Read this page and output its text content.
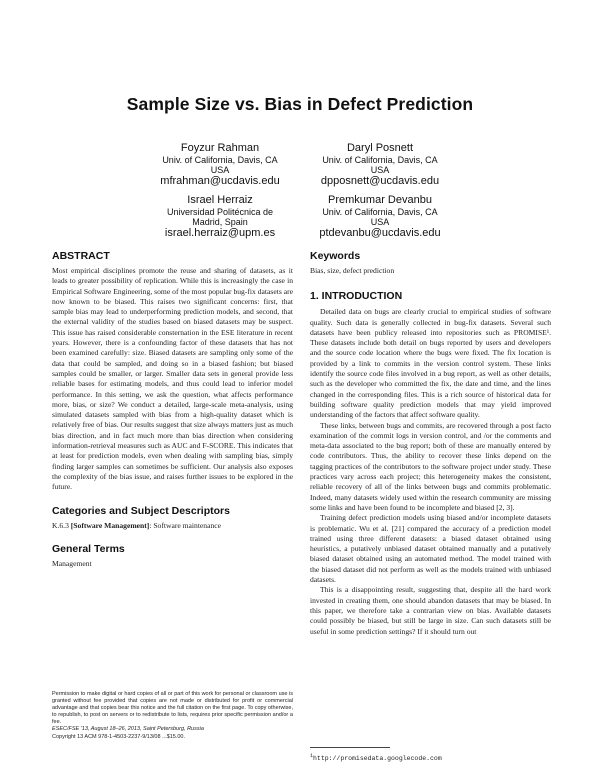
Sample Size vs. Bias in Defect Prediction
Foyzur Rahman
Univ. of California, Davis, CA
USA
mfrahman@ucdavis.edu
Daryl Posnett
Univ. of California, Davis, CA
USA
dpposnett@ucdavis.edu
Israel Herraiz
Universidad Politécnica de
Madrid, Spain
israel.herraiz@upm.es
Premkumar Devanbu
Univ. of California, Davis, CA
USA
ptdevanbu@ucdavis.edu
ABSTRACT

Most empirical disciplines promote the reuse and sharing of datasets, as it leads to greater possibility of replication. While this is increasingly the case in Empirical Software Engineering, some of the most popular bug-fix datasets are now known to be biased. This raises two significant concerns: first, that sample bias may lead to underperforming prediction models, and second, that the external validity of the studies based on biased datasets may be suspect. This issue has raised considerable consternation in the ESE literature in recent years. However, there is a confounding factor of these datasets that has not been examined carefully: size. Biased datasets are sampling only some of the data that could be sampled, and doing so in a biased fashion; but biased samples could be smaller, or larger. Smaller data sets in general provide less reliable bases for estimating models, and thus could lead to inferior model performance. In this setting, we ask the question, what affects performance more, bias, or size? We conduct a detailed, large-scale meta-analysis, using simulated datasets sampled with bias from a high-quality dataset which is relatively free of bias. Our results suggest that size always matters just as much bias direction, and in fact much more than bias direction when considering information-retrieval measures such as AUC and F-SCORE. This indicates that at least for prediction models, even when dealing with sampling bias, simply finding larger samples can sometimes be sufficient. Our analysis also exposes the complexity of the bias issue, and raises further issues to be explored in the future.

Categories and Subject Descriptors

K.6.3 [Software Management]: Software maintenance

General Terms

Management

Permission to make digital or hard copies of all or part of this work for personal or classroom use is granted without fee provided that copies are not made or distributed for profit or commercial advantage and that copies bear this notice and the full citation on the first page. To copy otherwise, to republish, to post on servers or to redistribute to lists, requires prior specific permission and/or a fee.
ESEC/FSE '13, August 18–26, 2013, Saint Petersburg, Russia
Copyright 13 ACM 978-1-4503-2237-9/13/08 ...$15.00.
Keywords

Bias, size, defect prediction

1. INTRODUCTION

Detailed data on bugs are clearly crucial to empirical studies of software quality. Such data is generally collected in bug-fix datasets. Several such datasets have been publicy released into repositories such as PROMISE¹. These datasets include both detail on bugs reported by users and developers and the source code location where the bugs were fixed. The fix location is provided by a link to commits in the version control system. These links identify the source code files involved in a bug report, as well as other details, such as the developer who committed the fix, the date and time, and the lines changed in the corresponding files. This is a rich source of historical data for building software quality prediction models that may yield improved understanding of the factors that affect software quality.

These links, between bugs and commits, are recovered through a post facto examination of the commit logs in version control, and /or the comments and meta-data associated to the bug report; both of these are manually entered by code contributors. Thus, the ability to recover these links depend on the tagging practices of the contributors to the software project under study. These practices vary across each project; this heterogeneity makes the consistent, reliable recovery of all of the links between bugs and commits problematic. Indeed, many datasets widely used within the research community are missing some links and have been found to be incomplete and biased [2, 3].

Training defect prediction models using biased and/or incomplete datasets is problematic. Wu et al. [21] compared the accuracy of a prediction model trained using three different datasets: a biased dataset obtained using heuristics, a putatively unbiased dataset obtained manually and a putatively biased dataset obtained using an automated method. The model trained with the biased dataset did not perform as well as the models trained with unbiased datasets.

This is a disappointing result, suggesting that, despite all the hard work invested in creating them, one should abandon datasets that may be biased. In this paper, we therefore take a contrarian view on bias. Available datasets could possibly be biased, but still be large in size. Can such datasets still be useful in some prediction settings? If it should turn out

$^1$http://promisedata.googlecode.com
